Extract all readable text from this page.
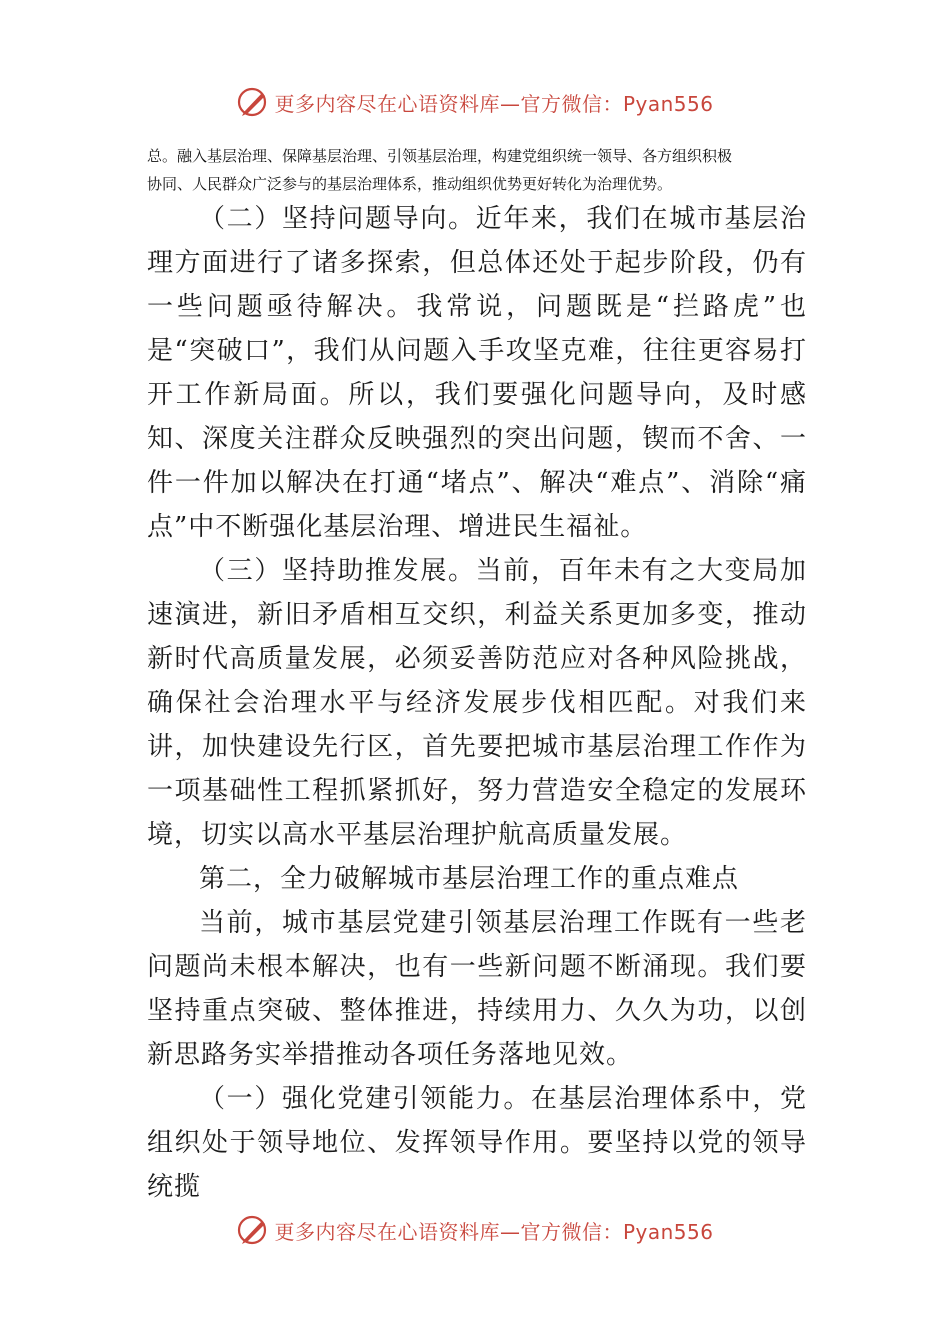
更多内容尽在心语资料库—官方微信：Pyan556

总。融入基层治理、保障基层治理、引领基层治理，构建党组织统一领导、各方组织积极

协同、人民群众广泛参与的基层治理体系，推动组织优势更好转化为治理优势。

（二）坚持问题导向。近年来，我们在城市基层治理方面进行了诸多探索，但总体还处于起步阶段，仍有一些问题亟待解决。我常说，问题既是“拦路虎”也是“突破口”，我们从问题入手攻坚克难，往往更容易打开工作新局面。所以，我们要强化问题导向，及时感知、深度关注群众反映强烈的突出问题，锲而不舍、一件一件加以解决在打通“堵点”、解决“难点”、消除“痛点”中不断强化基层治理、增进民生福祉。

（三）坚持助推发展。当前，百年未有之大变局加速演进，新旧矛盾相互交织，利益关系更加多变，推动新时代高质量发展，必须妥善防范应对各种风险挑战，确保社会治理水平与经济发展步伐相匹配。对我们来讲，加快建设先行区，首先要把城市基层治理工作作为一项基础性工程抓紧抓好，努力营造安全稳定的发展环境，切实以高水平基层治理护航高质量发展。

第二，全力破解城市基层治理工作的重点难点

当前，城市基层党建引领基层治理工作既有一些老问题尚未根本解决，也有一些新问题不断涌现。我们要坚持重点突破、整体推进，持续用力、久久为功，以创新思路务实举措推动各项任务落地见效。

（一）强化党建引领能力。在基层治理体系中，党组织处于领导地位、发挥领导作用。要坚持以党的领导统揽

更多内容尽在心语资料库—官方微信：Pyan556
